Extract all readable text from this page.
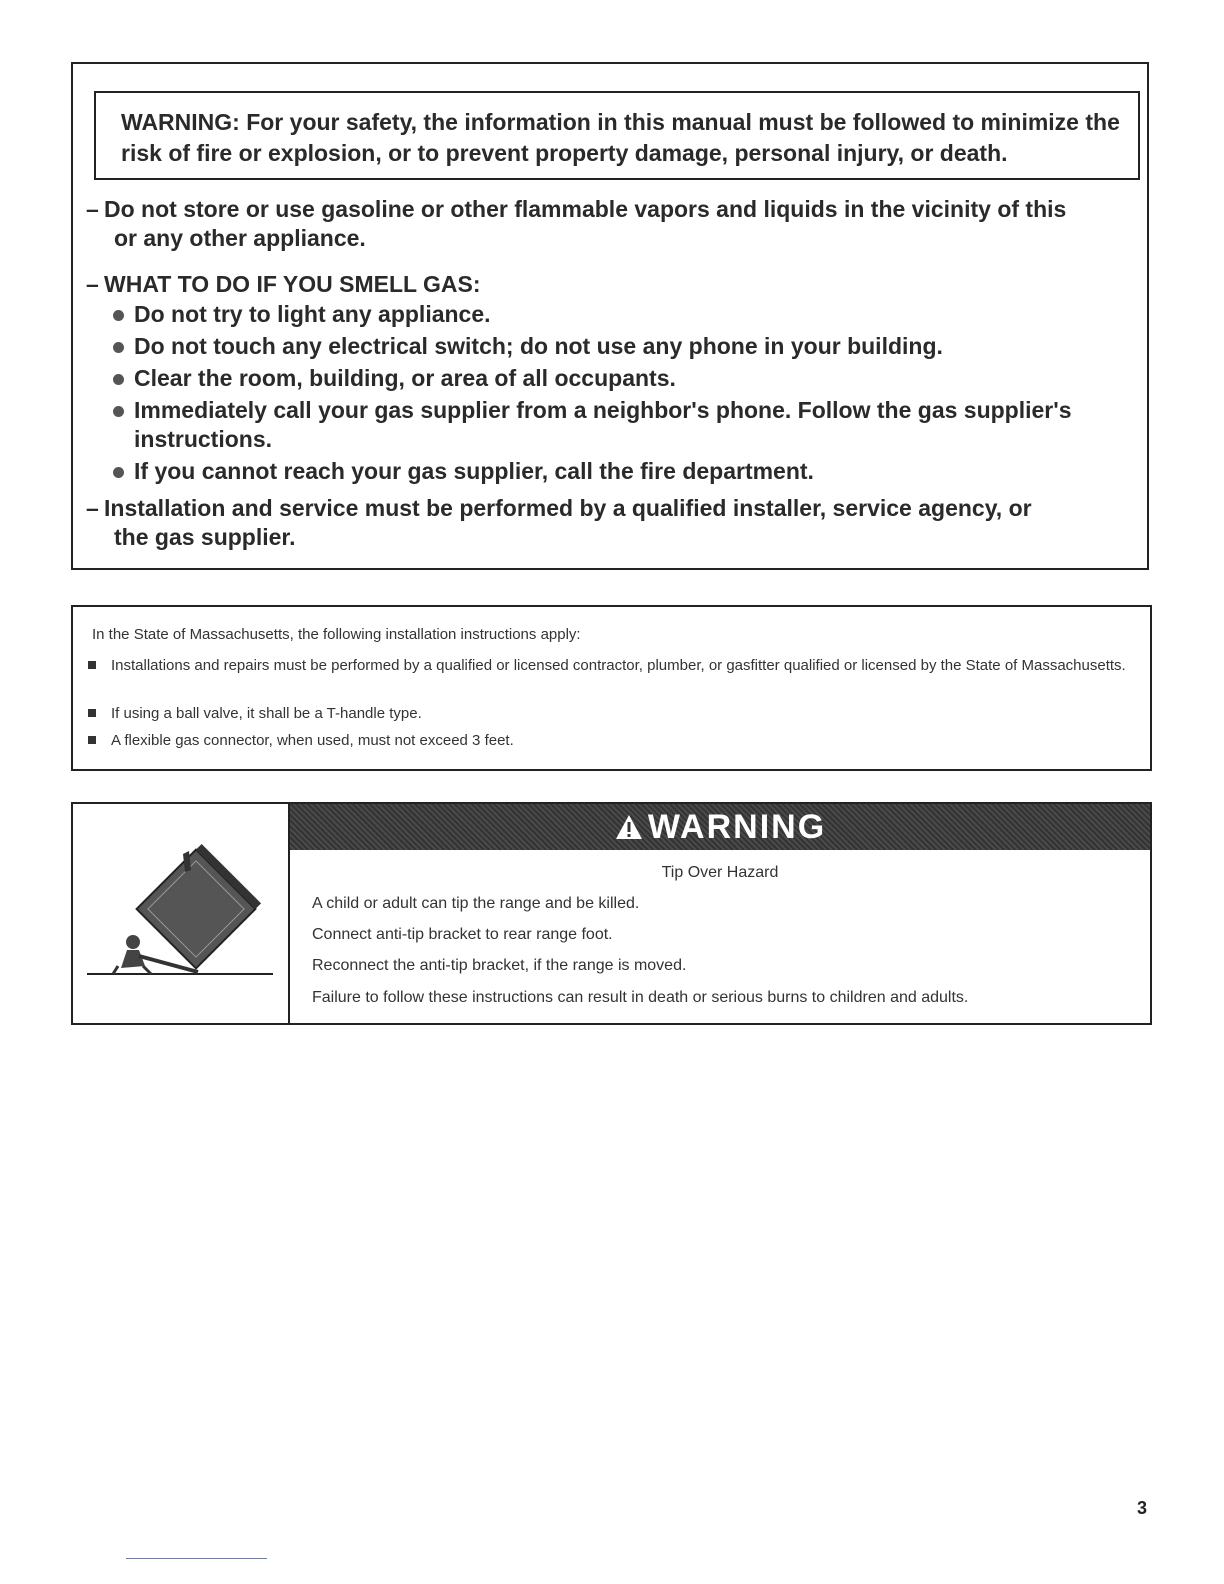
WARNING: For your safety, the information in this manual must be followed to minimize the risk of fire or explosion, or to prevent property damage, personal injury, or death.
– Do not store or use gasoline or other flammable vapors and liquids in the vicinity of this
or any other appliance.
– WHAT TO DO IF YOU SMELL GAS:
Do not try to light any appliance.
Do not touch any electrical switch; do not use any phone in your building.
Clear the room, building, or area of all occupants.
Immediately call your gas supplier from a neighbor's phone. Follow the gas supplier's instructions.
If you cannot reach your gas supplier, call the fire department.
– Installation and service must be performed by a qualified installer, service agency, or
the gas supplier.
In the State of Massachusetts, the following installation instructions apply:
Installations and repairs must be performed by a qualified or licensed contractor, plumber, or gasfitter qualified or licensed by the State of Massachusetts.
If using a ball valve, it shall be a T-handle type.
A flexible gas connector, when used, must not exceed 3 feet.
WARNING
Tip Over Hazard
A child or adult can tip the range and be killed.
Connect anti-tip bracket to rear range foot.
Reconnect the anti-tip bracket, if the range is moved.
Failure to follow these instructions can result in death or serious burns to children and adults.
3
